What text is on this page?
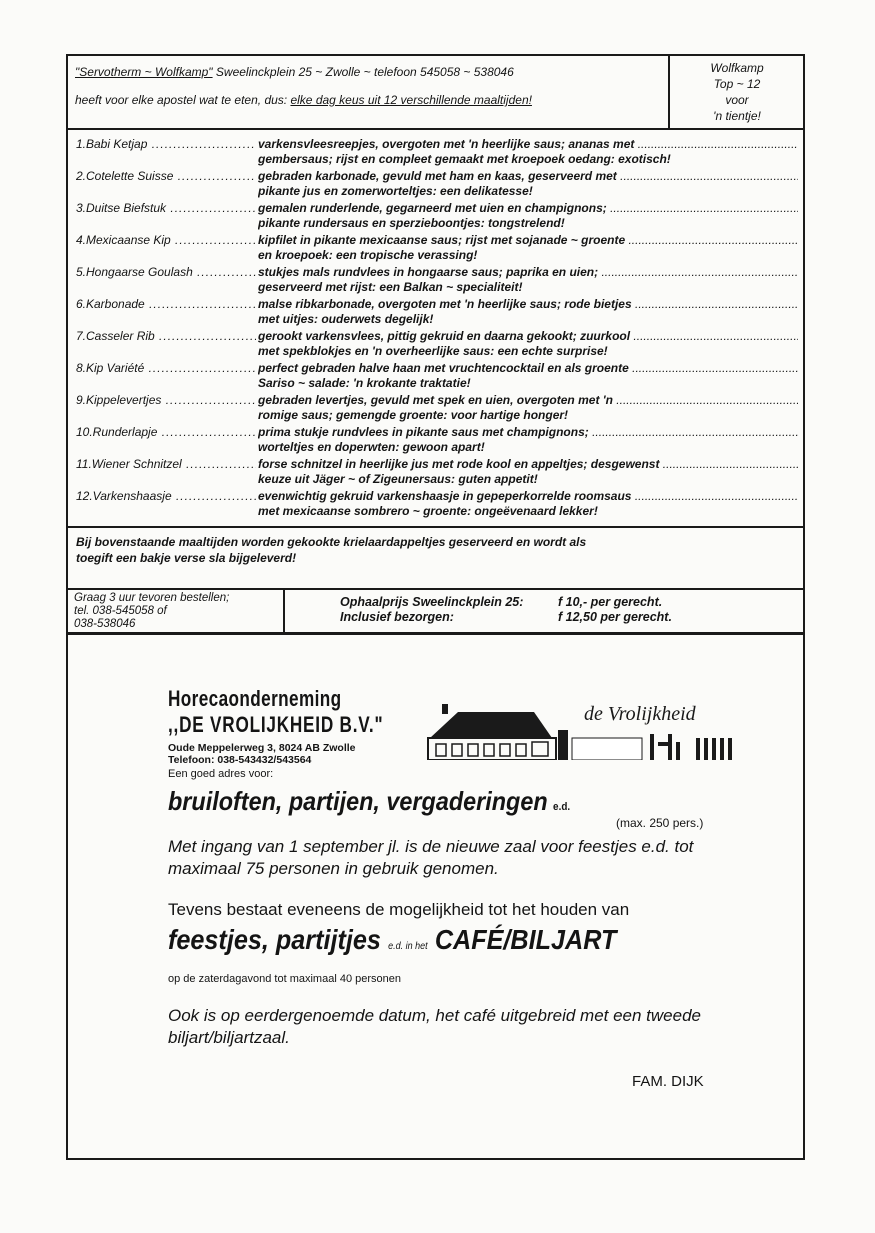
"Servotherm ~ Wolfkamp" Sweelinckplein 25 ~ Zwolle ~ telefoon 545058 ~ 538046
heeft voor elke apostel wat te eten, dus: elke dag keus uit 12 verschillende maaltijden!
Wolfkamp
Top ~ 12
voor
'n tientje!
1.Babi Ketjap .....	varkensvleesreepjes, overgoten met 'n heerlijke saus; ananas met .....
gembersaus; rijst en compleet gemaakt met kroepoek oedang: exotisch!
2.Cotelette Suisse .....	gebraden karbonade, gevuld met ham en kaas, geserveerd met .....
pikante jus en zomerworteltjes: een delikatesse!
3.Duitse Biefstuk .....	gemalen runderlende, gegarneerd met uien en champignons; .....
pikante rundersaus en sperzieboontjes: tongstrelend!
4.Mexicaanse Kip .....	kipfilet in pikante mexicaanse saus; rijst met sojanade ~ groente .....
en kroepoek: een tropische verassing!
5.Hongaarse Goulash .....	stukjes mals rundvlees in hongaarse saus; paprika en uien; .....
geserveerd met rijst: een Balkan ~ specialiteit!
6.Karbonade .....	malse ribkarbonade, overgoten met 'n heerlijke saus; rode bietjes .....
met uitjes: ouderwets degelijk!
7.Casseler Rib .....	gerookt varkensvlees, pittig gekruid en daarna gekookt; zuurkool .....
met spekblokjes en 'n overheerlijke saus: een echte surprise!
8.Kip Variété .....	perfect gebraden halve haan met vruchtencocktail en als groente .....
Sariso ~ salade: 'n krokante traktatie!
9.Kippelevertjes .....	gebraden levertjes, gevuld met spek en uien, overgoten met 'n .....
romige saus; gemengde groente: voor hartige honger!
10.Runderlapje .....	prima stukje rundvlees in pikante saus met champignons; .....
worteltjes en doperwten: gewoon apart!
11.Wiener Schnitzel .....	forse schnitzel in heerlijke jus met rode kool en appeltjes; desgewenst .....
keuze uit Jäger ~ of Zigeunersaus: guten appetit!
12.Varkenshaasje .....	evenwichtig gekruid varkenshaasje in gepeperkorrelde roomsaus .....
met mexicaanse sombrero ~ groente: ongeëvenaard lekker!
Bij bovenstaande maaltijden worden gekookte krielaardappeltjes geserveerd en wordt als
toegift een bakje verse sla bijgeleverd!
Graag 3 uur tevoren bestellen;
tel. 038-545058 of
038-538046
Ophaalprijs Sweelinckplein 25:	f 10,- per gerecht.
Inclusief bezorgen:	f 12,50 per gerecht.
Horecaonderneming
,,DE VROLIJKHEID B.V."
Oude Meppelerweg 3, 8024 AB Zwolle
Telefoon: 038-543432/543564
Een goed adres voor:
de Vrolijkheid
bruiloften, partijen, vergaderingen e.d.
(max. 250 pers.)
Met ingang van 1 september jl. is de nieuwe zaal voor feestjes e.d. tot maximaal 75 personen in gebruik genomen.
Tevens bestaat eveneens de mogelijkheid tot het houden van
feestjes, partijtjes e.d. in het CAFÉ/BILJART
op de zaterdagavond tot maximaal 40 personen
Ook is op eerdergenoemde datum, het café uitgebreid met een tweede biljart/biljartzaal.
FAM. DIJK
